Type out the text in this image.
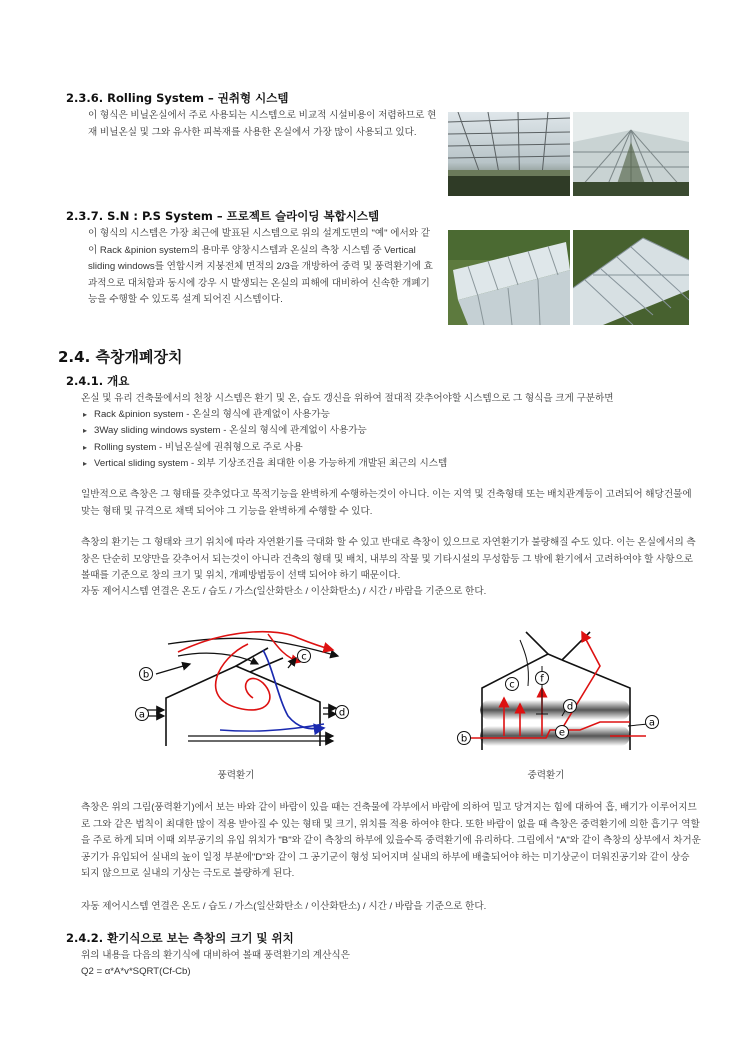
2.3.6. Rolling System – 권취형 시스템
이 형식은 비닐온실에서 주로 사용되는 시스템으로 비교적 시설비용이 저렴하므로 현재 비닐온실 및 그와 유사한 피복재를 사용한 온실에서 가장 많이 사용되고 있다.
2.3.7. S.N : P.S System – 프로젝트 슬라이딩 복합시스템
이 형식의 시스템은 가장 최근에 발표된 시스템으로 위의 설계도면의 "예" 에서와 같이 Rack &pinion system의 용마루 양창시스템과 온실의 측창 시스템 중 Vertical sliding windows를 연합시켜 지붕전체 면적의 2/3을 개방하여 중력 및 풍력환기에 효과적으로 대처함과 동시에 강우 시 발생되는 온실의 피해에 대비하여 신속한 개폐기능을 수행할 수 있도록 설계 되어진 시스템이다.
2.4. 측창개폐장치
2.4.1. 개요
온실 및 유리 건축물에서의 천창 시스템은 환기 및 온, 습도 갱신을 위하여 절대적 갖추어야할 시스템으로 그 형식을 크게 구분하면
▸ Rack &pinion system - 온실의 형식에 관계없이 사용가능
▸ 3Way sliding windows system - 온실의 형식에 관계없이 사용가능
▸ Rolling system - 비닐온실에 권취형으로 주로 사용
▸ Vertical sliding system - 외부 기상조건을 최대한 이용 가능하게 개발된 최근의 시스템
일반적으로 측창은 그 형태를 갖추었다고 목적기능을 완벽하게 수행하는것이 아니다. 이는 지역 및 건축형태 또는 배치관계등이 고려되어 해당건물에 맞는 형태 및 규격으로 채택 되어야 그 기능을 완벽하게 수행할 수 있다.
측창의 환기는 그 형태와 크기 위치에 따라 자연환기를 극대화 할 수 있고 반대로 측창이 있으므로 자연환기가 불량해질 수도 있다. 이는 온실에서의 측창은 단순히 모양만을 갖추어서 되는것이 아니라 건축의 형태 및 배치, 내부의 작물 및 기타시설의 무성함등 그 밖에 환기에서 고려하여야 할 사항으로 볼때를 기준으로 창의 크기 및 위치, 개폐방법등이 선택 되어야 하기 때문이다.
자동 제어시스템 연결은 온도 / 습도 / 가스(일산화탄소 / 이산화탄소) / 시간 / 바람을 기준으로 한다.
b
a
c
d
풍력환기
b
c
f
d
e
a
중력환기
측창은 위의 그림(풍력환기)에서 보는 바와 같이 바람이 있을 때는 건축물에 각부에서 바람에 의하여 밀고 당겨지는 힘에 대하여 흡, 배기가 이루어지므로 그와 같은 법칙이 최대한 많이 적용 받아질 수 있는 형태 및 크기, 위치를 적용 하여야 한다. 또한 바람이 없을 때 측창은 중력환기에 의한 흡기구 역할을 주로 하게 되며 이때 외부공기의 유입 위치가 "B"와 같이 측창의 하부에 있을수록 중력환기에 유리하다. 그림에서 "A"와 같이 측창의 상부에서 차거운 공기가 유입되어 실내의 높이 일정 부분에"D"와 같이 그 공기군이 형성 되어지며 실내의 하부에 배출되어야 하는 미기상군이 더워진공기와 같이 상승 되지 않으므로 실내의 기상는 극도로 불량하게 된다.
자동 제어시스템 연결은 온도 / 습도 / 가스(일산화탄소 / 이산화탄소) / 시간 / 바람을 기준으로 한다.
2.4.2. 환기식으로 보는 측창의 크기 및 위치
위의 내용을 다음의 환기식에 대비하여 볼때 풍력환기의 계산식은
Q2 = α*A*v*SQRT(Cf-Cb)
